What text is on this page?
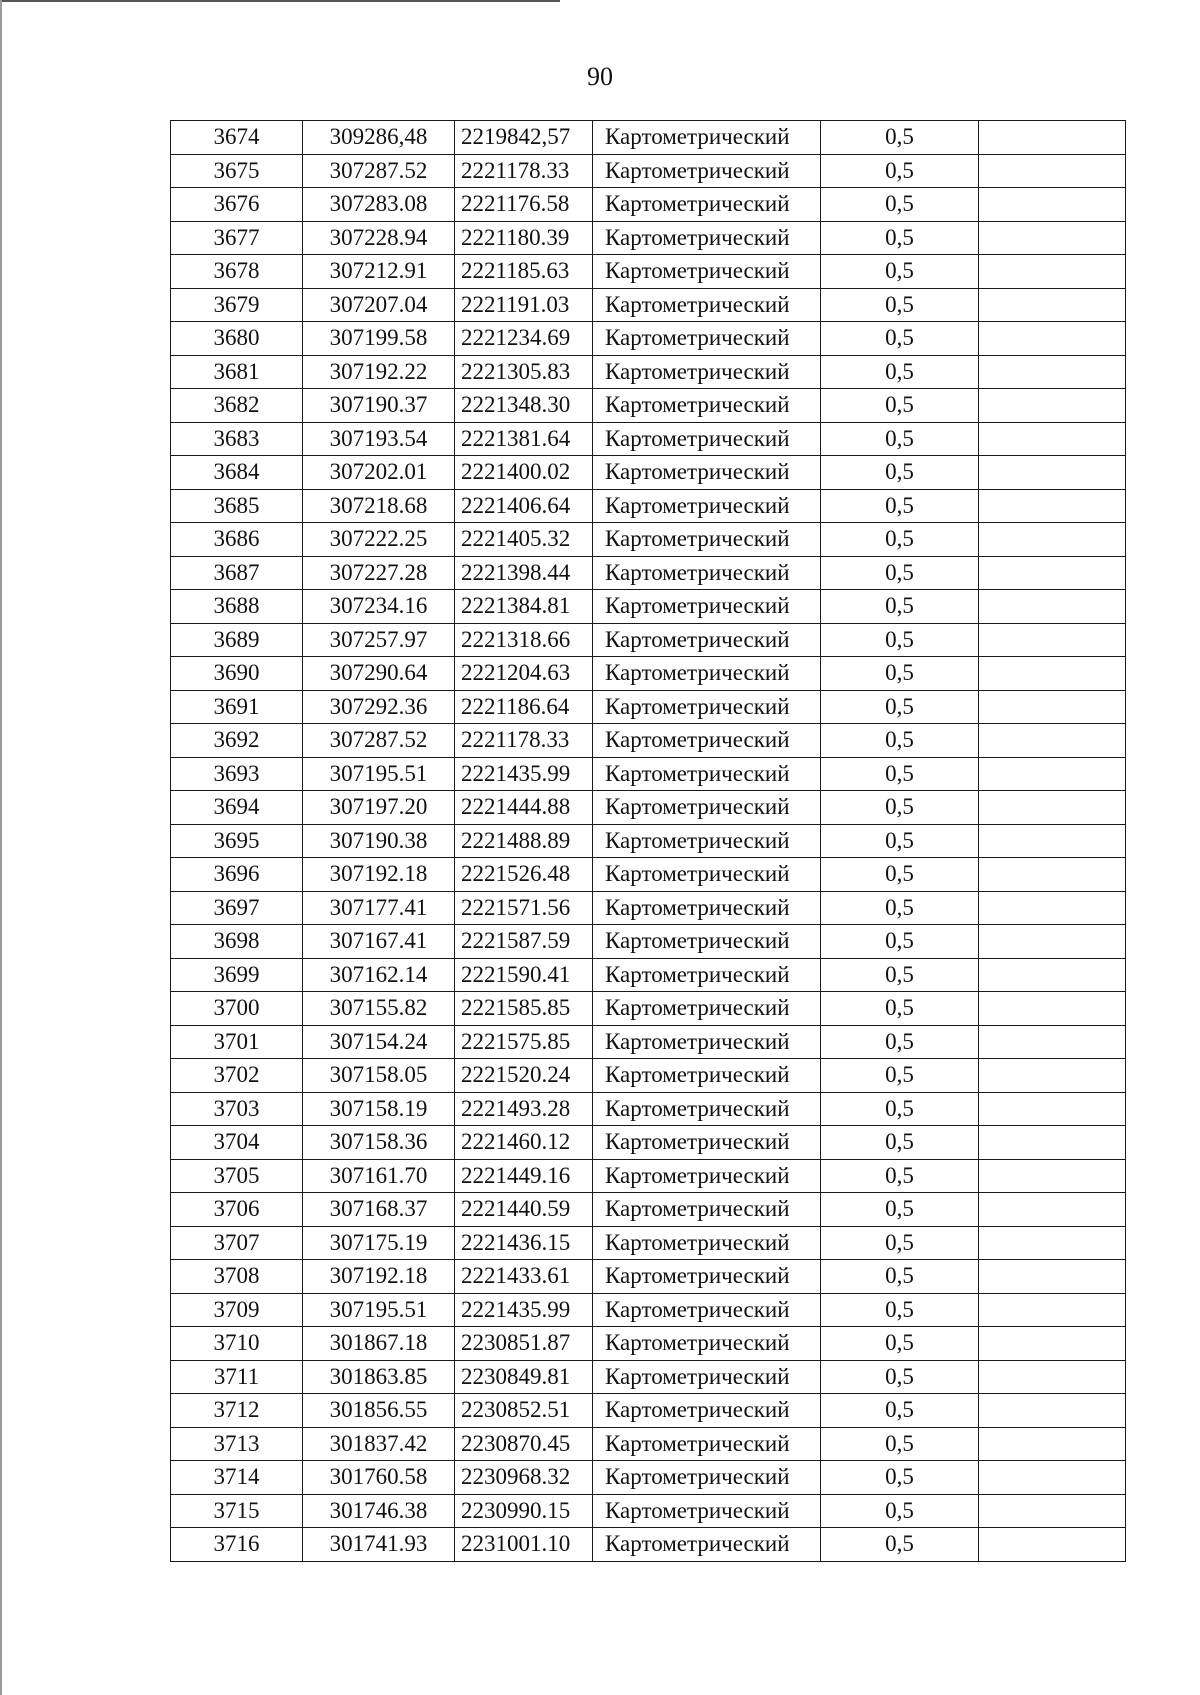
90
3674	309286,48	2219842,57	Картометрический	0,5	
3675	307287.52	2221178.33	Картометрический	0,5	
3676	307283.08	2221176.58	Картометрический	0,5	
3677	307228.94	2221180.39	Картометрический	0,5	
3678	307212.91	2221185.63	Картометрический	0,5	
3679	307207.04	2221191.03	Картометрический	0,5	
3680	307199.58	2221234.69	Картометрический	0,5	
3681	307192.22	2221305.83	Картометрический	0,5	
3682	307190.37	2221348.30	Картометрический	0,5	
3683	307193.54	2221381.64	Картометрический	0,5	
3684	307202.01	2221400.02	Картометрический	0,5	
3685	307218.68	2221406.64	Картометрический	0,5	
3686	307222.25	2221405.32	Картометрический	0,5	
3687	307227.28	2221398.44	Картометрический	0,5	
3688	307234.16	2221384.81	Картометрический	0,5	
3689	307257.97	2221318.66	Картометрический	0,5	
3690	307290.64	2221204.63	Картометрический	0,5	
3691	307292.36	2221186.64	Картометрический	0,5	
3692	307287.52	2221178.33	Картометрический	0,5	
3693	307195.51	2221435.99	Картометрический	0,5	
3694	307197.20	2221444.88	Картометрический	0,5	
3695	307190.38	2221488.89	Картометрический	0,5	
3696	307192.18	2221526.48	Картометрический	0,5	
3697	307177.41	2221571.56	Картометрический	0,5	
3698	307167.41	2221587.59	Картометрический	0,5	
3699	307162.14	2221590.41	Картометрический	0,5	
3700	307155.82	2221585.85	Картометрический	0,5	
3701	307154.24	2221575.85	Картометрический	0,5	
3702	307158.05	2221520.24	Картометрический	0,5	
3703	307158.19	2221493.28	Картометрический	0,5	
3704	307158.36	2221460.12	Картометрический	0,5	
3705	307161.70	2221449.16	Картометрический	0,5	
3706	307168.37	2221440.59	Картометрический	0,5	
3707	307175.19	2221436.15	Картометрический	0,5	
3708	307192.18	2221433.61	Картометрический	0,5	
3709	307195.51	2221435.99	Картометрический	0,5	
3710	301867.18	2230851.87	Картометрический	0,5	
3711	301863.85	2230849.81	Картометрический	0,5	
3712	301856.55	2230852.51	Картометрический	0,5	
3713	301837.42	2230870.45	Картометрический	0,5	
3714	301760.58	2230968.32	Картометрический	0,5	
3715	301746.38	2230990.15	Картометрический	0,5	
3716	301741.93	2231001.10	Картометрический	0,5	
